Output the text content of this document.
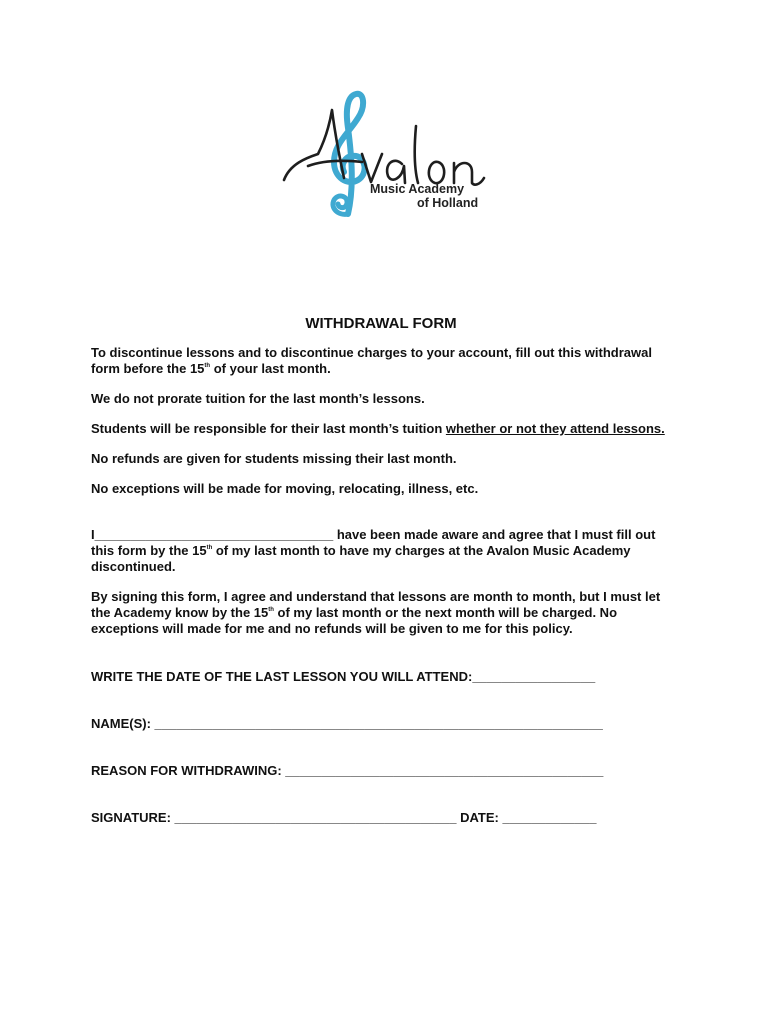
Music Academy
of Holland
WITHDRAWAL FORM

To discontinue lessons and to discontinue charges to your account, fill out this withdrawal form before the 15th of your last month.

We do not prorate tuition for the last month’s lessons.

Students will be responsible for their last month’s tuition whether or not they attend lessons.

No refunds are given for students missing their last month.

No exceptions will be made for moving, relocating, illness, etc.

I_________________________________ have been made aware and agree that I must fill out this form by the 15th of my last month to have my charges at the Avalon Music Academy discontinued.

By signing this form, I agree and understand that lessons are month to month, but I must let the Academy know by the 15th of my last month or the next month will be charged. No exceptions will made for me and no refunds will be given to me for this policy.

WRITE THE DATE OF THE LAST LESSON YOU WILL ATTEND:_________________

NAME(S): ______________________________________________________________

REASON FOR WITHDRAWING: ____________________________________________

SIGNATURE: _______________________________________ DATE: _____________
